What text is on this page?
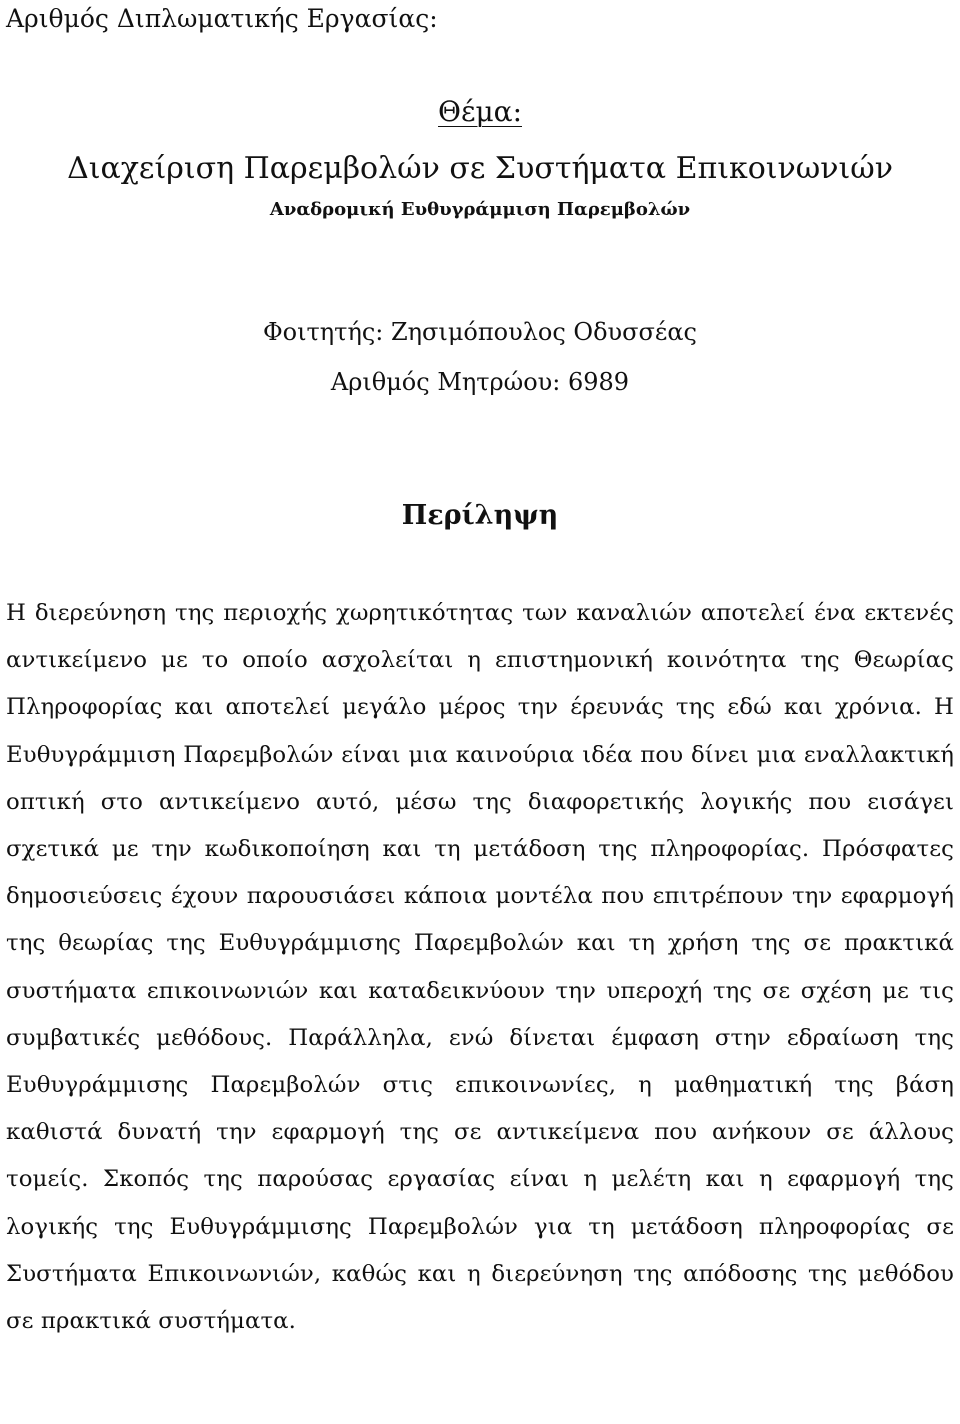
Αριθμός Διπλωματικής Εργασίας:
Θέμα:
Διαχείριση Παρεμβολών σε Συστήματα Επικοινωνιών
Αναδρομική Ευθυγράμμιση Παρεμβολών
Φοιτητής: Ζησιμόπουλος Οδυσσέας
Αριθμός Μητρώου: 6989
Περίληψη
Η διερεύνηση της περιοχής χωρητικότητας των καναλιών αποτελεί ένα εκτενές αντικείμενο με το οποίο ασχολείται η επιστημονική κοινότητα της Θεωρίας Πληροφορίας και αποτελεί μεγάλο μέρος την έρευνάς της εδώ και χρόνια. Η Ευθυγράμμιση Παρεμβολών είναι μια καινούρια ιδέα που δίνει μια εναλλακτική οπτική στο αντικείμενο αυτό, μέσω της διαφορετικής λογικής που εισάγει σχετικά με την κωδικοποίηση και τη μετάδοση της πληροφορίας. Πρόσφατες δημοσιεύσεις έχουν παρουσιάσει κάποια μοντέλα που επιτρέπουν την εφαρμογή της θεωρίας της Ευθυγράμμισης Παρεμβολών και τη χρήση της σε πρακτικά συστήματα επικοινωνιών και καταδεικνύουν την υπεροχή της σε σχέση με τις συμβατικές μεθόδους. Παράλληλα, ενώ δίνεται έμφαση στην εδραίωση της Ευθυγράμμισης Παρεμβολών στις επικοινωνίες, η μαθηματική της βάση καθιστά δυνατή την εφαρμογή της σε αντικείμενα που ανήκουν σε άλλους τομείς. Σκοπός της παρούσας εργασίας είναι η μελέτη και η εφαρμογή της λογικής της Ευθυγράμμισης Παρεμβολών για τη μετάδοση πληροφορίας σε Συστήματα Επικοινωνιών, καθώς και η διερεύνηση της απόδοσης της μεθόδου σε πρακτικά συστήματα.
